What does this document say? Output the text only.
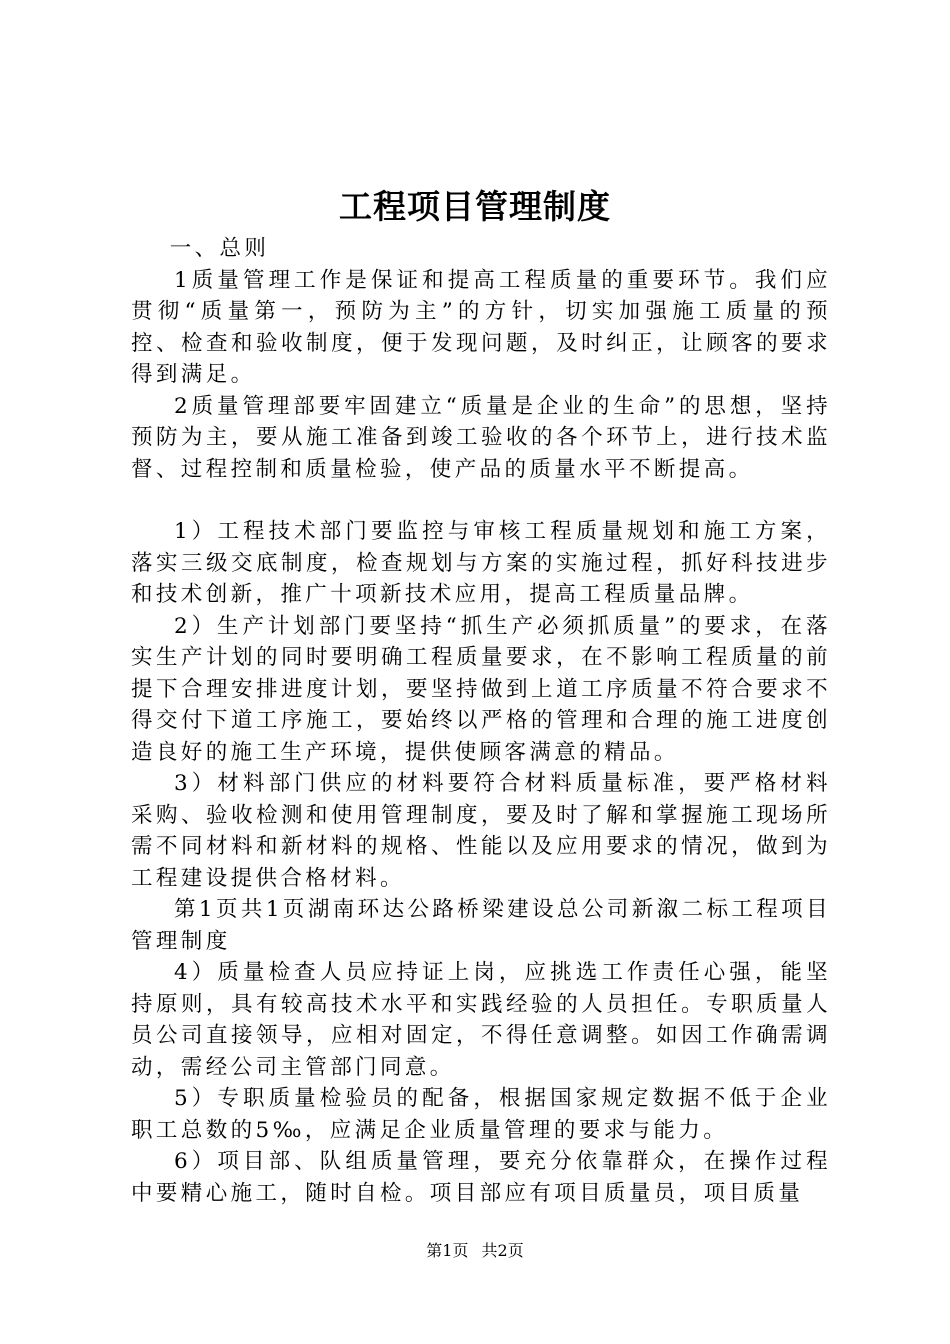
工程项目管理制度

一、总则

1质量管理工作是保证和提高工程质量的重要环节。我们应贯彻“质量第一，预防为主”的方针，切实加强施工质量的预控、检查和验收制度，便于发现问题，及时纠正，让顾客的要求得到满足。

2质量管理部要牢固建立“质量是企业的生命”的思想，坚持预防为主，要从施工准备到竣工验收的各个环节上，进行技术监督、过程控制和质量检验，使产品的质量水平不断提高。

1）工程技术部门要监控与审核工程质量规划和施工方案，落实三级交底制度，检查规划与方案的实施过程，抓好科技进步和技术创新，推广十项新技术应用，提高工程质量品牌。

2）生产计划部门要坚持“抓生产必须抓质量”的要求，在落实生产计划的同时要明确工程质量要求，在不影响工程质量的前提下合理安排进度计划，要坚持做到上道工序质量不符合要求不得交付下道工序施工，要始终以严格的管理和合理的施工进度创造良好的施工生产环境，提供使顾客满意的精品。

3）材料部门供应的材料要符合材料质量标准，要严格材料采购、验收检测和使用管理制度，要及时了解和掌握施工现场所需不同材料和新材料的规格、性能以及应用要求的情况，做到为工程建设提供合格材料。

第1页共1页湖南环达公路桥梁建设总公司新溆二标工程项目管理制度

4）质量检查人员应持证上岗，应挑选工作责任心强，能坚持原则，具有较高技术水平和实践经验的人员担任。专职质量人员公司直接领导，应相对固定，不得任意调整。如因工作确需调动，需经公司主管部门同意。

5）专职质量检验员的配备，根据国家规定数据不低于企业职工总数的5‰，应满足企业质量管理的要求与能力。

6）项目部、队组质量管理，要充分依靠群众，在操作过程中要精心施工，随时自检。项目部应有项目质量员，项目质量

第1页 共2页
